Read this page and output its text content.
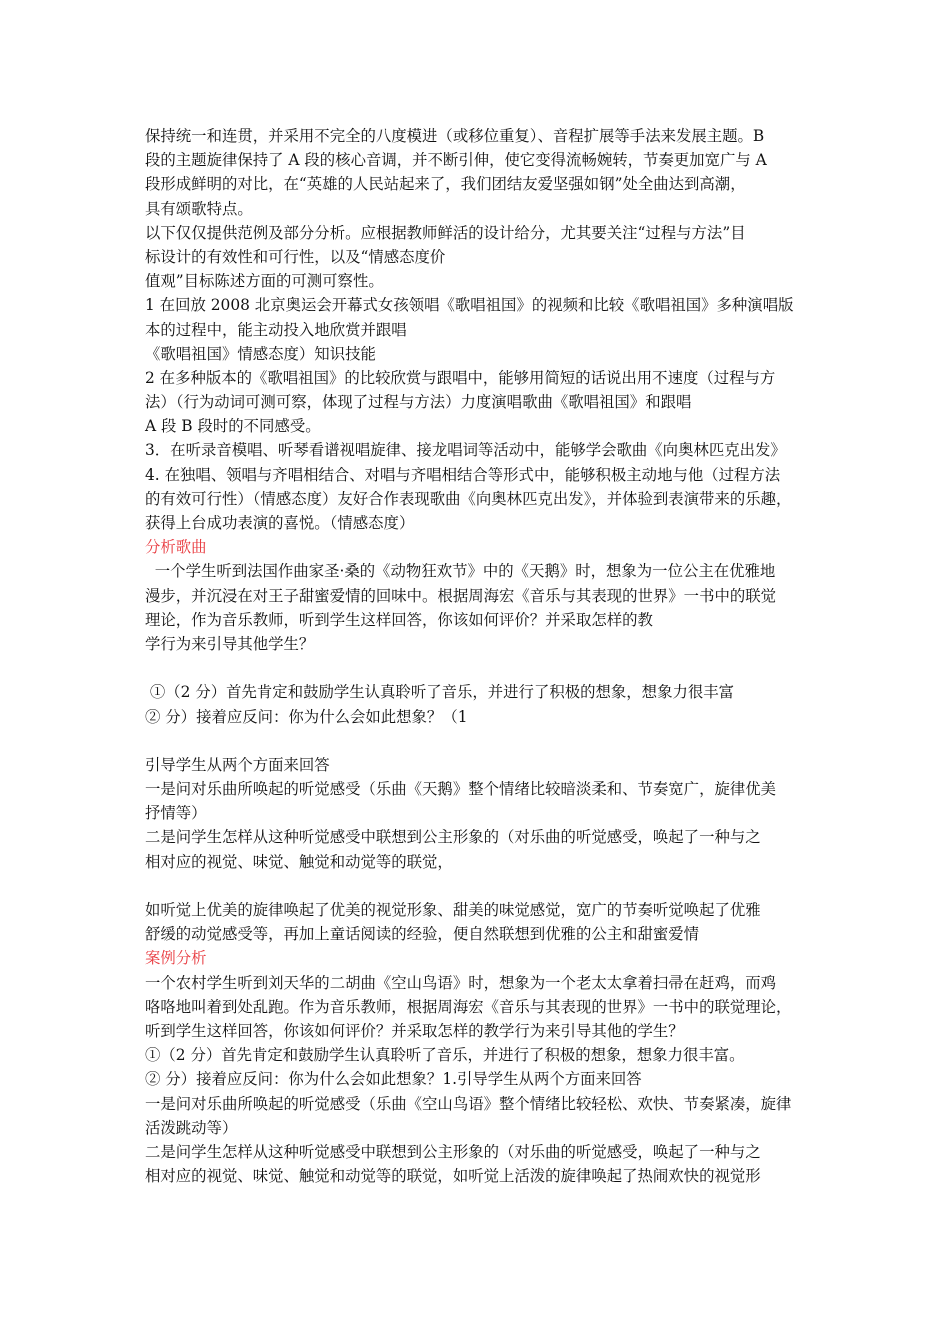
保持统一和连贯，并采用不完全的八度模进（或移位重复）、音程扩展等手法来发展主题。B
段的主题旋律保持了 A 段的核心音调，并不断引伸，使它变得流畅婉转，节奏更加宽广与 A
段形成鲜明的对比，在“英雄的人民站起来了，我们团结友爱坚强如钢”处全曲达到高潮，
具有颂歌特点。
以下仅仅提供范例及部分分析。应根据教师鲜活的设计给分，尤其要关注“过程与方法”目
标设计的有效性和可行性，以及“情感态度价
值观”目标陈述方面的可测可察性。
1 在回放 2008 北京奥运会开幕式女孩领唱《歌唱祖国》的视频和比较《歌唱祖国》多种演唱版
本的过程中，能主动投入地欣赏并跟唱
《歌唱祖国》情感态度）知识技能
2 在多种版本的《歌唱祖国》的比较欣赏与跟唱中，能够用简短的话说出用不速度（过程与方
法）（行为动词可测可察，体现了过程与方法）力度演唱歌曲《歌唱祖国》和跟唱
A 段 B 段时的不同感受。
3．在听录音模唱、听琴看谱视唱旋律、接龙唱词等活动中，能够学会歌曲《向奥林匹克出发》
4. 在独唱、领唱与齐唱相结合、对唱与齐唱相结合等形式中，能够积极主动地与他（过程方法
的有效可行性）（情感态度）友好合作表现歌曲《向奥林匹克出发》，并体验到表演带来的乐趣，
获得上台成功表演的喜悦。（情感态度）
分析歌曲
一个学生听到法国作曲家圣·桑的《动物狂欢节》中的《天鹅》时，想象为一位公主在优雅地
漫步，并沉浸在对王子甜蜜爱情的回味中。根据周海宏《音乐与其表现的世界》一书中的联觉
理论，作为音乐教师，听到学生这样回答，你该如何评价？并采取怎样的教
学行为来引导其他学生？
①（2 分）首先肯定和鼓励学生认真聆听了音乐，并进行了积极的想象，想象力很丰富
② 分）接着应反问：你为什么会如此想象？（1
引导学生从两个方面来回答
一是问对乐曲所唤起的听觉感受（乐曲《天鹅》整个情绪比较暗淡柔和、节奏宽广，旋律优美
抒情等）
二是问学生怎样从这种听觉感受中联想到公主形象的（对乐曲的听觉感受，唤起了一种与之
相对应的视觉、味觉、触觉和动觉等的联觉，
如听觉上优美的旋律唤起了优美的视觉形象、甜美的味觉感觉，宽广的节奏听觉唤起了优雅
舒缓的动觉感受等，再加上童话阅读的经验，便自然联想到优雅的公主和甜蜜爱情
案例分析
一个农村学生听到刘天华的二胡曲《空山鸟语》时，想象为一个老太太拿着扫帚在赶鸡，而鸡
咯咯地叫着到处乱跑。作为音乐教师，根据周海宏《音乐与其表现的世界》一书中的联觉理论，
听到学生这样回答，你该如何评价？并采取怎样的教学行为来引导其他的学生？
①（2 分）首先肯定和鼓励学生认真聆听了音乐，并进行了积极的想象，想象力很丰富。
② 分）接着应反问：你为什么会如此想象？1.引导学生从两个方面来回答
一是问对乐曲所唤起的听觉感受（乐曲《空山鸟语》整个情绪比较轻松、欢快、节奏紧凑，旋律
活泼跳动等）
二是问学生怎样从这种听觉感受中联想到公主形象的（对乐曲的听觉感受，唤起了一种与之
相对应的视觉、味觉、触觉和动觉等的联觉，如听觉上活泼的旋律唤起了热闹欢快的视觉形
